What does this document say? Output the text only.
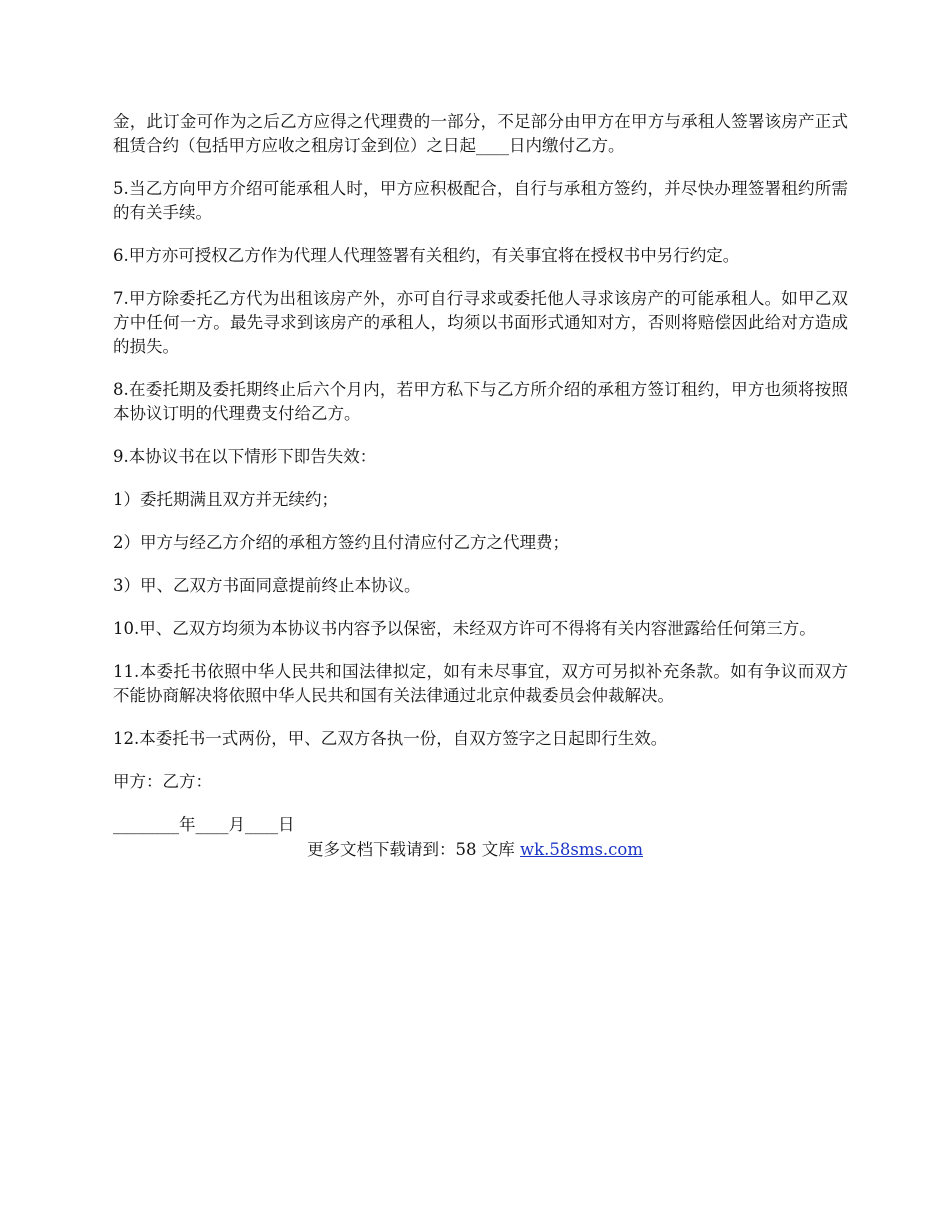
金，此订金可作为之后乙方应得之代理费的一部分，不足部分由甲方在甲方与承租人签署该房产正式租赁合约（包括甲方应收之租房订金到位）之日起____日内缴付乙方。

5.当乙方向甲方介绍可能承租人时，甲方应积极配合，自行与承租方签约，并尽快办理签署租约所需的有关手续。

6.甲方亦可授权乙方作为代理人代理签署有关租约，有关事宜将在授权书中另行约定。

7.甲方除委托乙方代为出租该房产外，亦可自行寻求或委托他人寻求该房产的可能承租人。如甲乙双方中任何一方。最先寻求到该房产的承租人，均须以书面形式通知对方，否则将赔偿因此给对方造成的损失。

8.在委托期及委托期终止后六个月内，若甲方私下与乙方所介绍的承租方签订租约，甲方也须将按照本协议订明的代理费支付给乙方。

9.本协议书在以下情形下即告失效：

1）委托期满且双方并无续约；

2）甲方与经乙方介绍的承租方签约且付清应付乙方之代理费；

3）甲、乙双方书面同意提前终止本协议。

10.甲、乙双方均须为本协议书内容予以保密，未经双方许可不得将有关内容泄露给任何第三方。

11.本委托书依照中华人民共和国法律拟定，如有未尽事宜，双方可另拟补充条款。如有争议而双方不能协商解决将依照中华人民共和国有关法律通过北京仲裁委员会仲裁解决。

12.本委托书一式两份，甲、乙双方各执一份，自双方签字之日起即行生效。

甲方：乙方：

________年____月____日

更多文档下载请到：58 文库 wk.58sms.com
